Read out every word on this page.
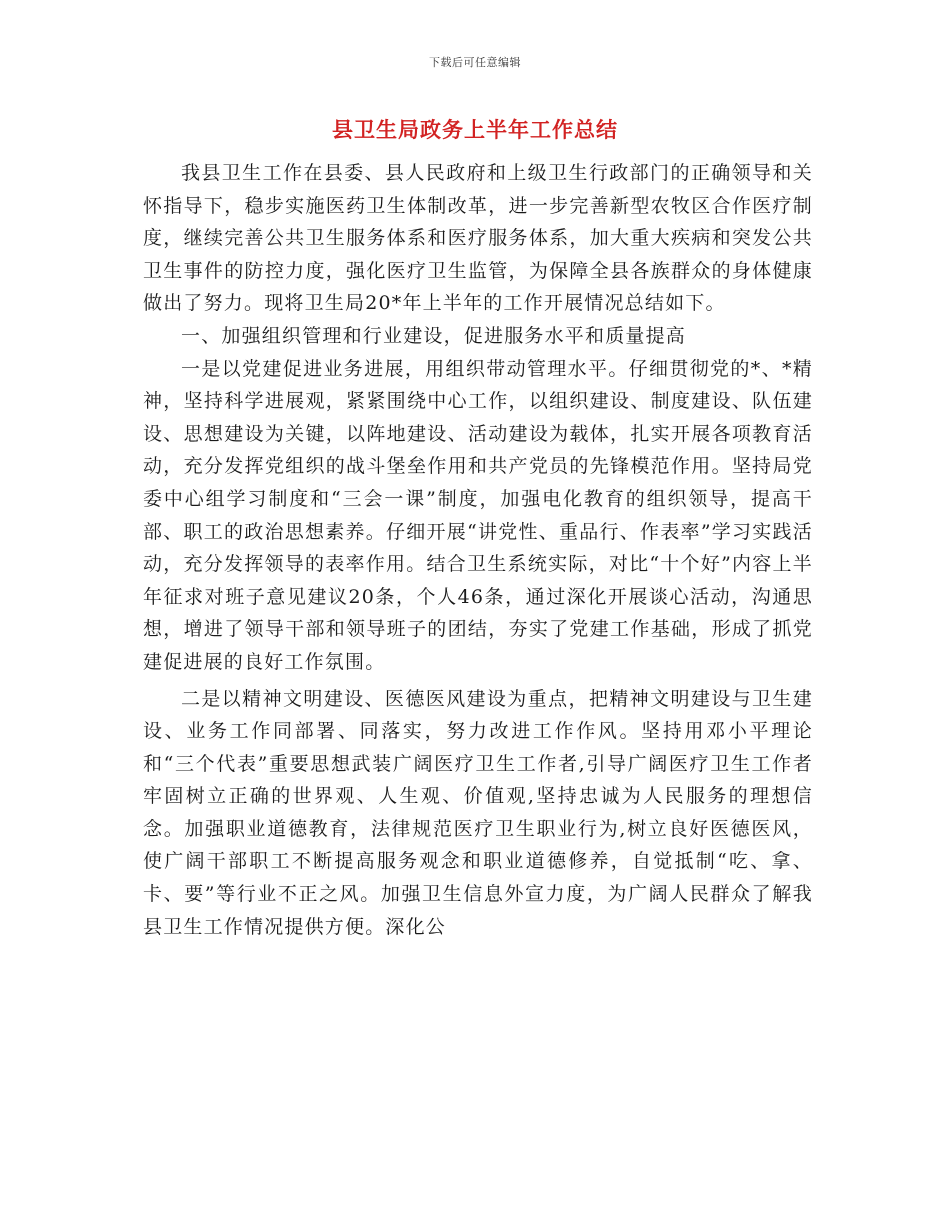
下载后可任意编辑
县卫生局政务上半年工作总结

我县卫生工作在县委、县人民政府和上级卫生行政部门的正确领导和关怀指导下，稳步实施医药卫生体制改革，进一步完善新型农牧区合作医疗制度，继续完善公共卫生服务体系和医疗服务体系，加大重大疾病和突发公共卫生事件的防控力度，强化医疗卫生监管，为保障全县各族群众的身体健康做出了努力。现将卫生局20*年上半年的工作开展情况总结如下。

一、加强组织管理和行业建设，促进服务水平和质量提高

一是以党建促进业务进展，用组织带动管理水平。仔细贯彻党的*、*精神，坚持科学进展观，紧紧围绕中心工作，以组织建设、制度建设、队伍建设、思想建设为关键，以阵地建设、活动建设为载体，扎实开展各项教育活动，充分发挥党组织的战斗堡垒作用和共产党员的先锋模范作用。坚持局党委中心组学习制度和“三会一课”制度，加强电化教育的组织领导，提高干部、职工的政治思想素养。仔细开展“讲党性、重品行、作表率”学习实践活动，充分发挥领导的表率作用。结合卫生系统实际，对比“十个好”内容上半年征求对班子意见建议20条，个人46条，通过深化开展谈心活动，沟通思想，增进了领导干部和领导班子的团结，夯实了党建工作基础，形成了抓党建促进展的良好工作氛围。

二是以精神文明建设、医德医风建设为重点，把精神文明建设与卫生建设、业务工作同部署、同落实，努力改进工作作风。坚持用邓小平理论和“三个代表”重要思想武装广阔医疗卫生工作者,引导广阔医疗卫生工作者牢固树立正确的世界观、人生观、价值观,坚持忠诚为人民服务的理想信念。加强职业道德教育，法律规范医疗卫生职业行为,树立良好医德医风，使广阔干部职工不断提高服务观念和职业道德修养，自觉抵制“吃、拿、卡、要”等行业不正之风。加强卫生信息外宣力度，为广阔人民群众了解我县卫生工作情况提供方便。深化公
